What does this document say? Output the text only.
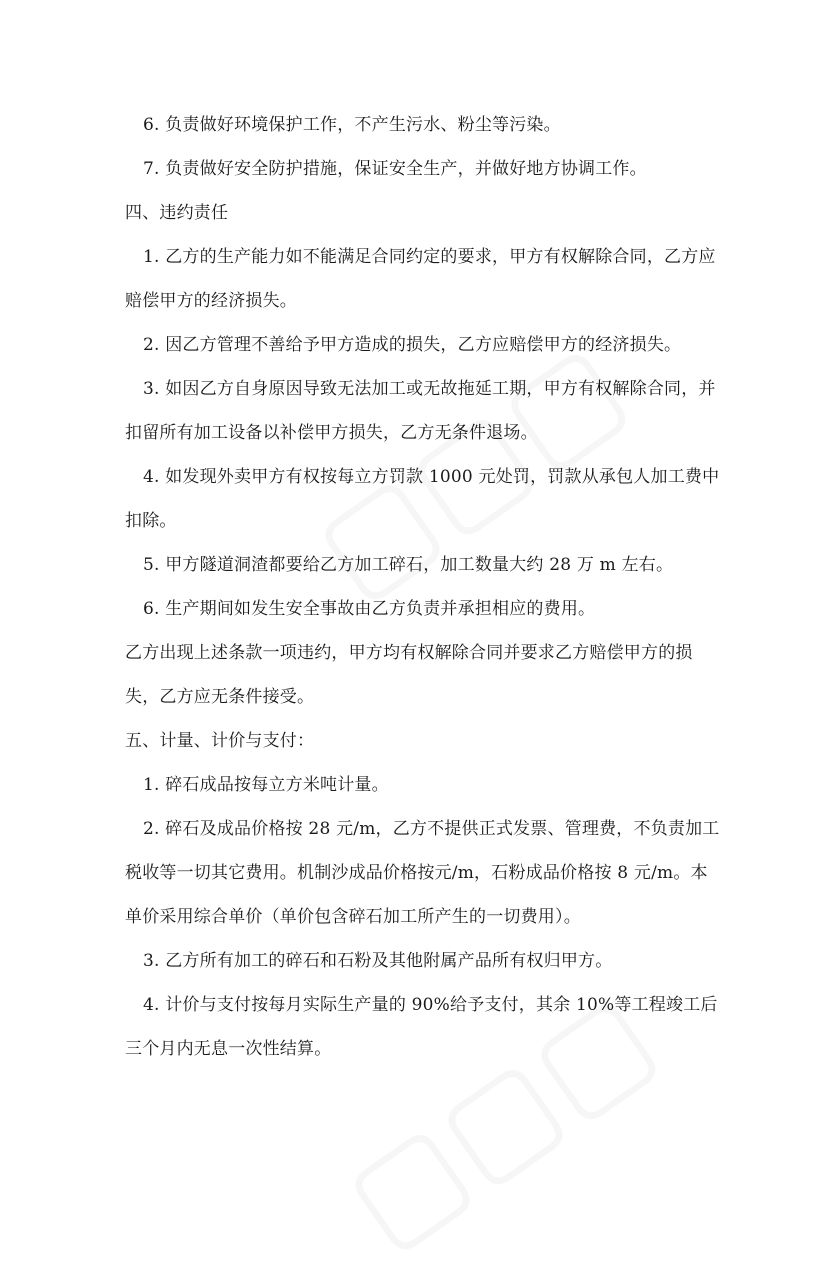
6. 负责做好环境保护工作，不产生污水、粉尘等污染。
7. 负责做好安全防护措施，保证安全生产，并做好地方协调工作。
四、违约责任
1. 乙方的生产能力如不能满足合同约定的要求，甲方有权解除合同，乙方应
赔偿甲方的经济损失。
2. 因乙方管理不善给予甲方造成的损失，乙方应赔偿甲方的经济损失。
3. 如因乙方自身原因导致无法加工或无故拖延工期，甲方有权解除合同，并
扣留所有加工设备以补偿甲方损失，乙方无条件退场。
4. 如发现外卖甲方有权按每立方罚款 1000 元处罚，罚款从承包人加工费中
扣除。
5. 甲方隧道洞渣都要给乙方加工碎石，加工数量大约 28 万 m 左右。
6. 生产期间如发生安全事故由乙方负责并承担相应的费用。
乙方出现上述条款一项违约，甲方均有权解除合同并要求乙方赔偿甲方的损
失，乙方应无条件接受。
五、计量、计价与支付：
1. 碎石成品按每立方米吨计量。
2. 碎石及成品价格按 28 元/m，乙方不提供正式发票、管理费，不负责加工
税收等一切其它费用。机制沙成品价格按元/m，石粉成品价格按 8 元/m。本
单价采用综合单价（单价包含碎石加工所产生的一切费用）。
3. 乙方所有加工的碎石和石粉及其他附属产品所有权归甲方。
4. 计价与支付按每月实际生产量的 90%给予支付，其余 10%等工程竣工后
三个月内无息一次性结算。
